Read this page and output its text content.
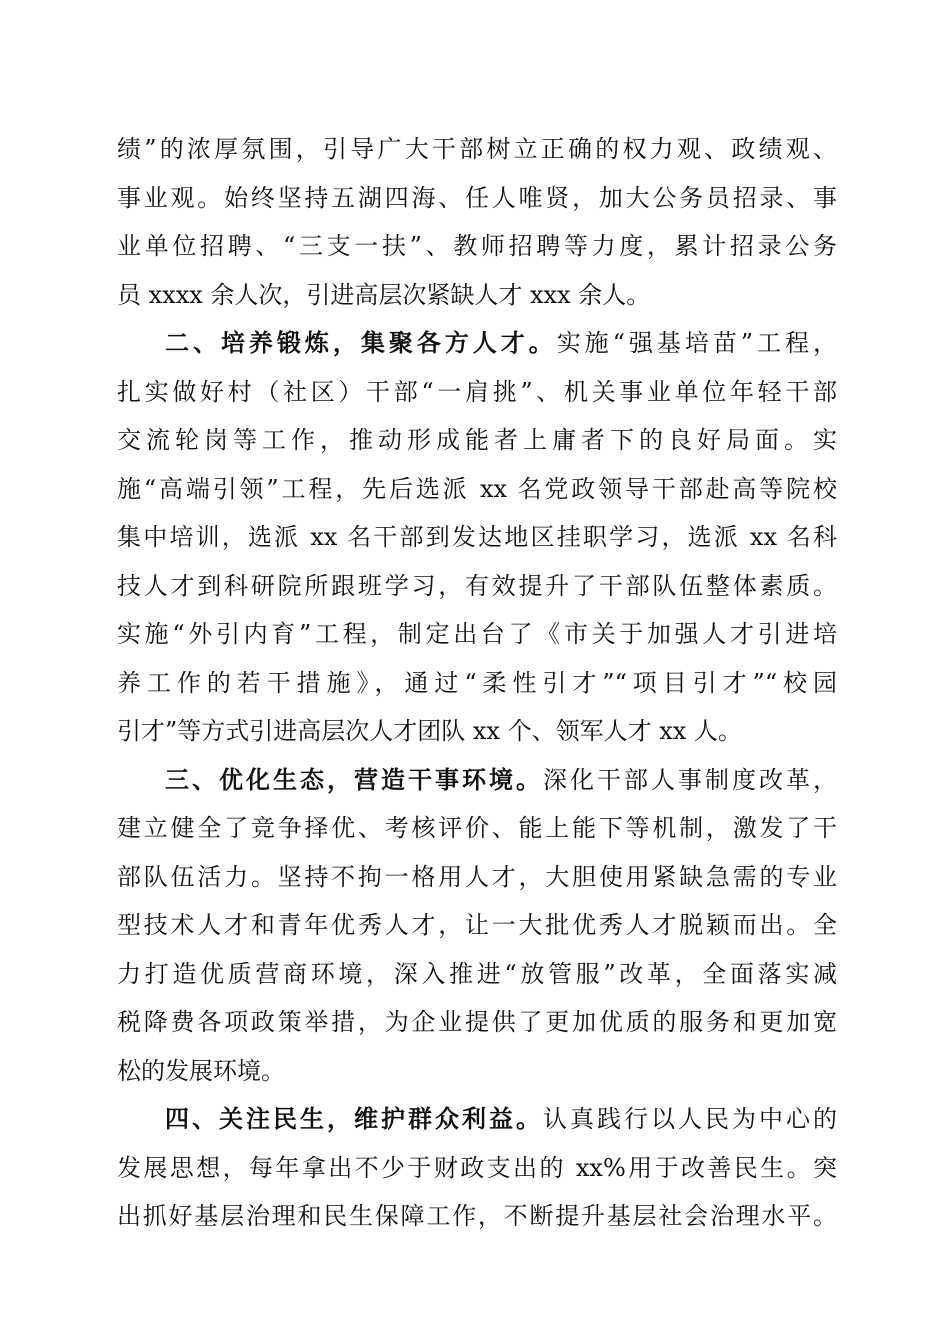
绩”的浓厚氛围，引导广大干部树立正确的权力观、政绩观、
事业观。始终坚持五湖四海、任人唯贤，加大公务员招录、事
业单位招聘、“三支一扶”、教师招聘等力度，累计招录公务
员 xxxx 余人次，引进高层次紧缺人才 xxx 余人。
二、培养锻炼，集聚各方人才。实施“强基培苗”工程，
扎实做好村（社区）干部“一肩挑”、机关事业单位年轻干部
交流轮岗等工作，推动形成能者上庸者下的良好局面。实
施“高端引领”工程，先后选派 xx 名党政领导干部赴高等院校
集中培训，选派 xx 名干部到发达地区挂职学习，选派 xx 名科
技人才到科研院所跟班学习，有效提升了干部队伍整体素质。
实施“外引内育”工程，制定出台了《市关于加强人才引进培
养工作的若干措施》，通过“柔性引才”“项目引才”“校园
引才”等方式引进高层次人才团队 xx 个、领军人才 xx 人。
三、优化生态，营造干事环境。深化干部人事制度改革，
建立健全了竞争择优、考核评价、能上能下等机制，激发了干
部队伍活力。坚持不拘一格用人才，大胆使用紧缺急需的专业
型技术人才和青年优秀人才，让一大批优秀人才脱颖而出。全
力打造优质营商环境，深入推进“放管服”改革，全面落实减
税降费各项政策举措，为企业提供了更加优质的服务和更加宽
松的发展环境。
四、关注民生，维护群众利益。认真践行以人民为中心的
发展思想，每年拿出不少于财政支出的 xx%用于改善民生。突
出抓好基层治理和民生保障工作，不断提升基层社会治理水平。
